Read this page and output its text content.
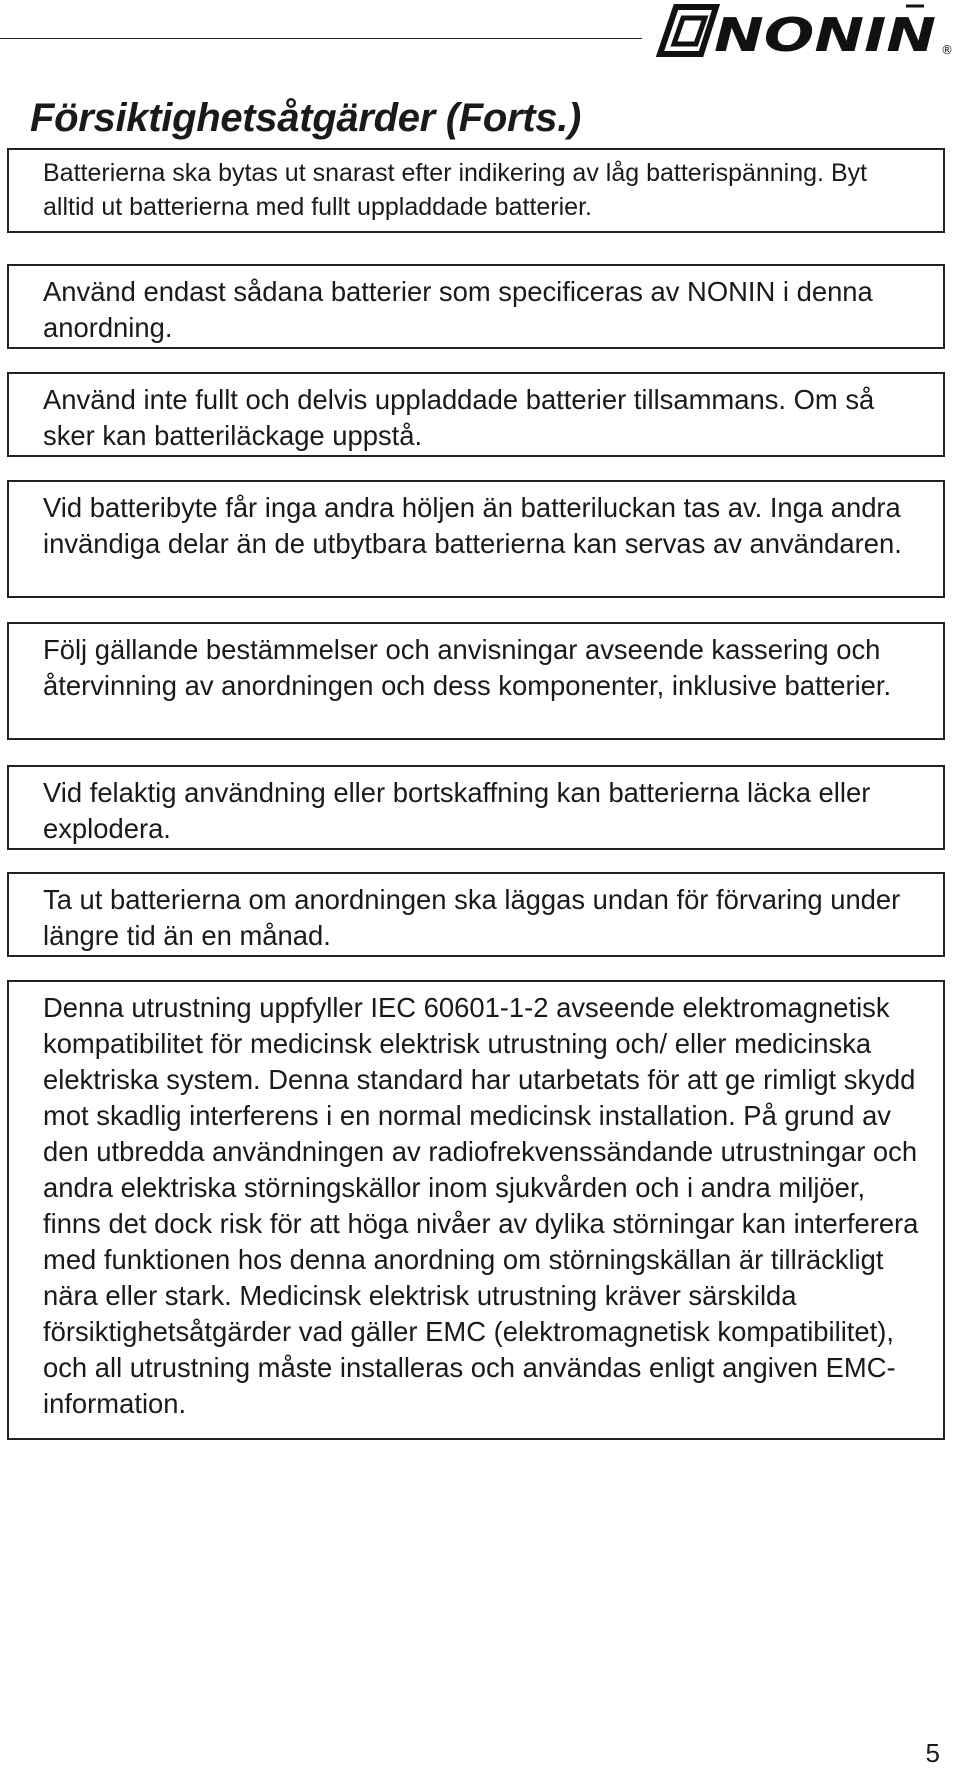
NONIN ®
Försiktighetsåtgärder (Forts.)
Batterierna ska bytas ut snarast efter indikering av låg batterispänning. Byt alltid ut batterierna med fullt uppladdade batterier.
Använd endast sådana batterier som specificeras av NONIN i denna anordning.
Använd inte fullt och delvis uppladdade batterier tillsammans. Om så sker kan batteriläckage uppstå.
Vid batteribyte får inga andra höljen än batteriluckan tas av. Inga andra invändiga delar än de utbytbara batterierna kan servas av användaren.
Följ gällande bestämmelser och anvisningar avseende kassering och återvinning av anordningen och dess komponenter, inklusive batterier.
Vid felaktig användning eller bortskaffning kan batterierna läcka eller explodera.
Ta ut batterierna om anordningen ska läggas undan för förvaring under längre tid än en månad.
Denna utrustning uppfyller IEC 60601-1-2 avseende elektromagnetisk kompatibilitet för medicinsk elektrisk utrustning och/ eller medicinska elektriska system. Denna standard har utarbetats för att ge rimligt skydd mot skadlig interferens i en normal medicinsk installation. På grund av den utbredda användningen av radiofrekvenssändande utrustningar och andra elektriska störningskällor inom sjukvården och i andra miljöer, finns det dock risk för att höga nivåer av dylika störningar kan interferera med funktionen hos denna anordning om störningskällan är tillräckligt nära eller stark. Medicinsk elektrisk utrustning kräver särskilda försiktighetsåtgärder vad gäller EMC (elektromagnetisk kompatibilitet), och all utrustning måste installeras och användas enligt angiven EMC-information.
5
